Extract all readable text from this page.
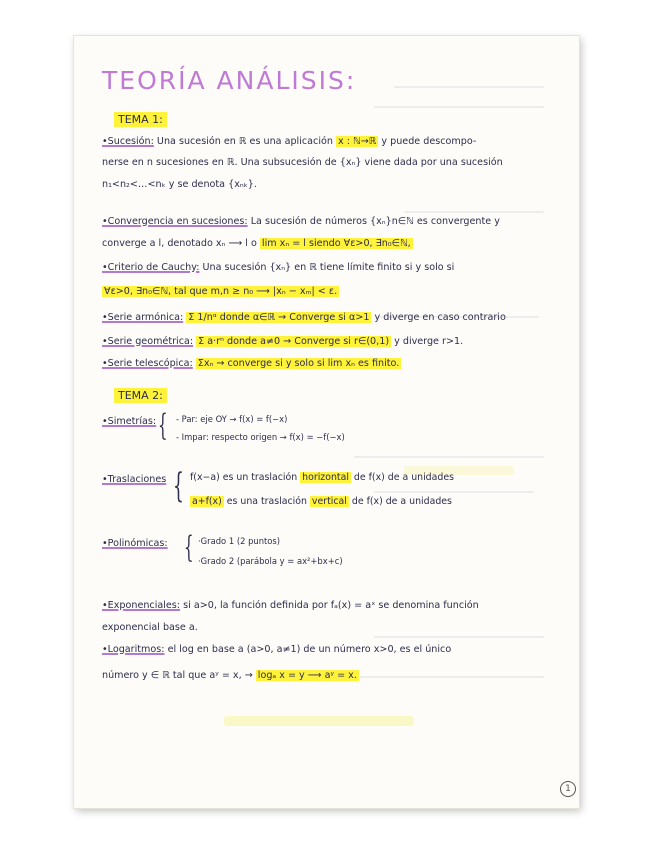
TEORÍA ANÁLISIS:
TEMA 1:
•Sucesión: Una sucesión en ℝ es una aplicación x : ℕ→ℝ y puede descompo-
nerse en n sucesiones en ℝ. Una subsucesión de {xₙ} viene dada por una sucesión
n₁<n₂<…<nₖ y se denota {xₙₖ}.
•Convergencia en sucesiones: La sucesión de números {xₙ}n∈ℕ es convergente y
converge a l, denotado xₙ ⟶ l o lim xₙ = l siendo ∀ε>0, ∃n₀∈ℕ,
•Criterio de Cauchy: Una sucesión {xₙ} en ℝ tiene límite finito si y solo si
∀ε>0, ∃n₀∈ℕ, tal que m,n ≥ n₀ ⟶ |xₙ − xₘ| < ε.
•Serie armónica: Σ 1/nᵅ donde α∈ℝ → Converge si α>1 y diverge en caso contrario
•Serie geométrica: Σ a·rⁿ donde a≠0 → Converge si r∈(0,1) y diverge r>1.
•Serie telescópica: Σxₙ → converge si y solo si lim xₙ es finito.
TEMA 2:
•Simetrías: { - Par: eje OY → f(x) = f(−x)
- Impar: respecto origen → f(x) = −f(−x)
•Traslaciones { f(x−a) es un traslación horizontal de f(x) de a unidades
a+f(x) es una traslación vertical de f(x) de a unidades
•Polinómicas: { ·Grado 1 (2 puntos)
·Grado 2 (parábola y = ax²+bx+c)
•Exponenciales: si a>0, la función definida por fₐ(x) = aˣ se denomina función
exponencial base a.
•Logaritmos: el log en base a (a>0, a≠1) de un número x>0, es el único
número y ∈ ℝ tal que aʸ = x, → logₐ x = y ⟶ aʸ = x.
1
